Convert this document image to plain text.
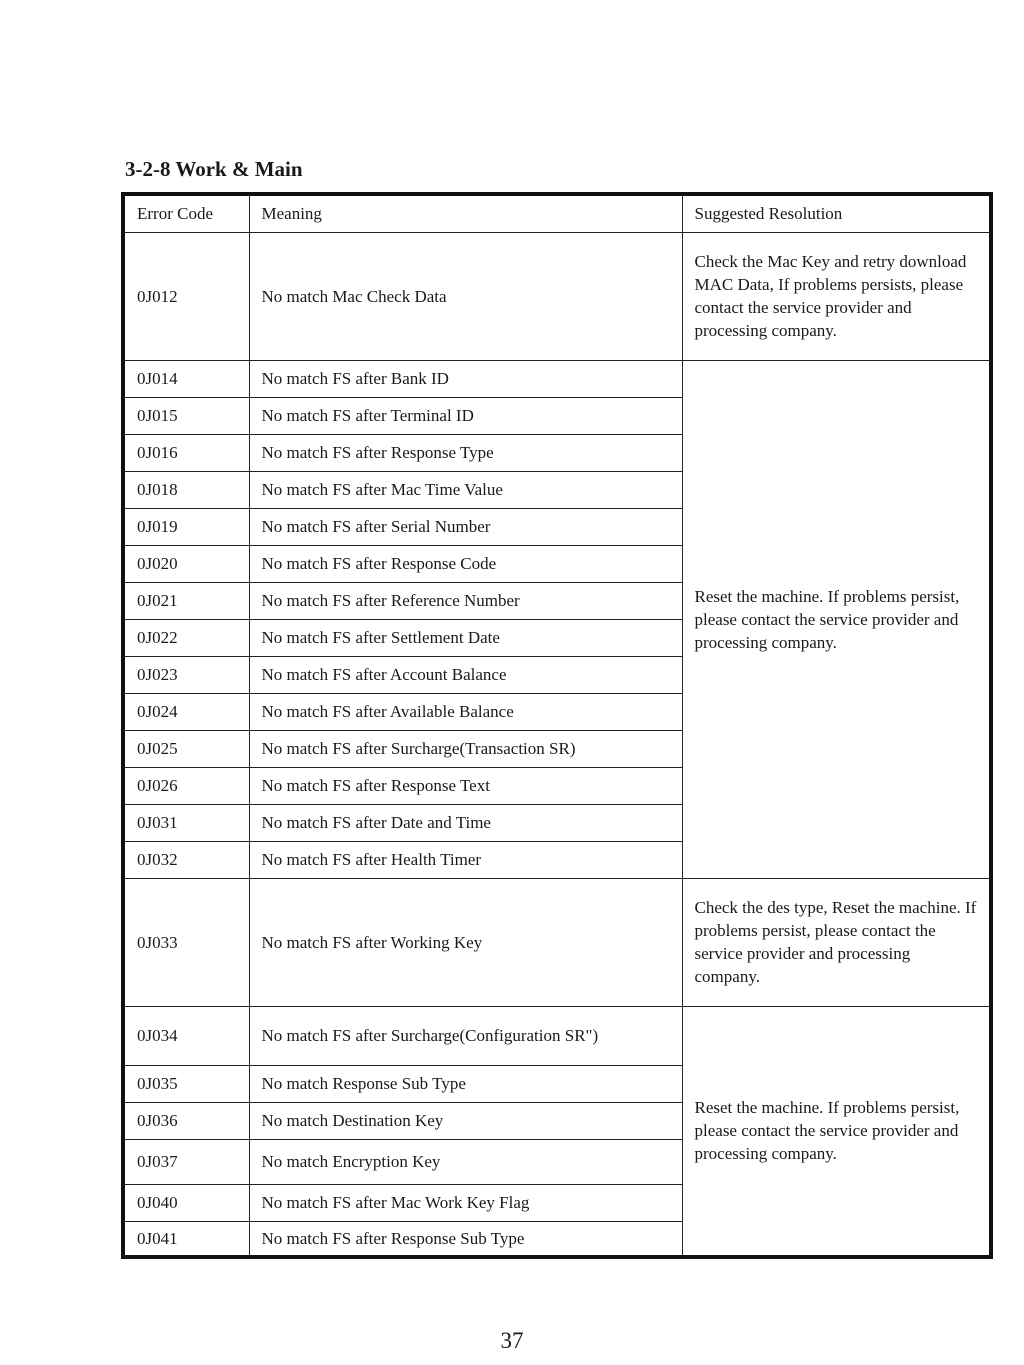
3-2-8 Work & Main
Error Code	Meaning	Suggested Resolution
0J012	No match Mac Check Data	Check the Mac Key and retry download MAC Data, If problems persists, please contact the service provider and processing company.
0J014	No match FS after Bank ID	Reset the machine. If problems persist, please contact the service provider and processing company.
0J015	No match FS after Terminal ID	
0J016	No match FS after Response Type	
0J018	No match FS after Mac Time Value	
0J019	No match FS after Serial Number	
0J020	No match FS after Response Code	
0J021	No match FS after Reference Number	
0J022	No match FS after Settlement Date	
0J023	No match FS after Account Balance	
0J024	No match FS after Available Balance	
0J025	No match FS after Surcharge(Transaction SR)	
0J026	No match FS after Response Text	
0J031	No match FS after Date and Time	
0J032	No match FS after Health Timer	
0J033	No match FS after Working Key	Check the des type, Reset the machine. If problems persist, please contact the service provider and processing company.
0J034	No match FS after Surcharge(Configuration SR")	Reset the machine. If problems persist, please contact the service provider and processing company.
0J035	No match Response Sub Type	
0J036	No match Destination Key	
0J037	No match Encryption Key	
0J040	No match FS after Mac Work Key Flag	
0J041	No match FS after Response Sub Type	
37
